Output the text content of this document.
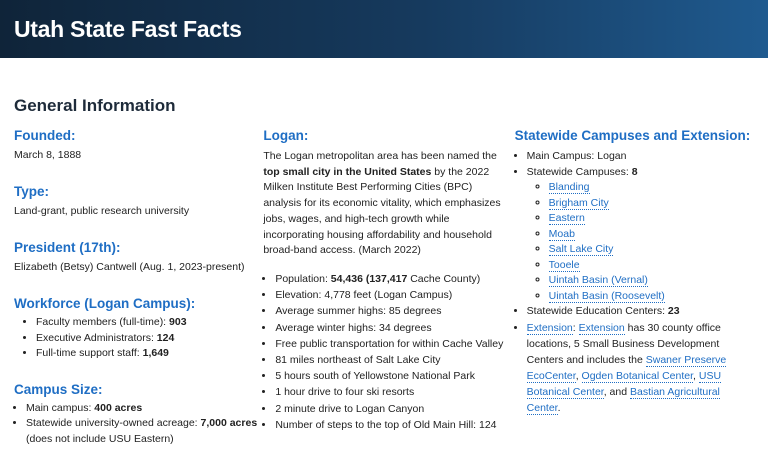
Utah State Fast Facts
General Information
Founded:

March 8, 1888

Type:

Land-grant, public research university

President (17th):

Elizabeth (Betsy) Cantwell (Aug. 1, 2023-present)

Workforce (Logan Campus):
• Faculty members (full-time): 903
• Executive Administrators: 124
• Full-time support staff: 1,649
Campus Size:
• Main campus: 400 acres
• Statewide university-owned acreage: 7,000 acres
(does not include USU Eastern)
Logan:

The Logan metropolitan area has been named the top small city in the United States by the 2022 Milken Institute Best Performing Cities (BPC) analysis for its economic vitality, which emphasizes jobs, wages, and high-tech growth while incorporating housing affordability and household broad-band access. (March 2022)

• Population: 54,436 (137,417 Cache County)
• Elevation: 4,778 feet (Logan Campus)
• Average summer highs: 85 degrees
• Average winter highs: 34 degrees
• Free public transportation for within Cache Valley
• 81 miles northeast of Salt Lake City
• 5 hours south of Yellowstone National Park
• 1 hour drive to four ski resorts
• 2 minute drive to Logan Canyon
• Number of steps to the top of Old Main Hill: 124
Statewide Campuses and Extension:
• Main Campus: Logan
• Statewide Campuses: 8
◦ Blanding
◦ Brigham City
◦ Eastern
◦ Moab
◦ Salt Lake City
◦ Tooele
◦ Uintah Basin (Vernal)
◦ Uintah Basin (Roosevelt)
• Statewide Education Centers: 23
• Extension: Extension has 30 county office locations, 5 Small Business Development Centers and includes the Swaner Preserve EcoCenter, Ogden Botanical Center, USU Botanical Center, and Bastian Agricultural Center.
